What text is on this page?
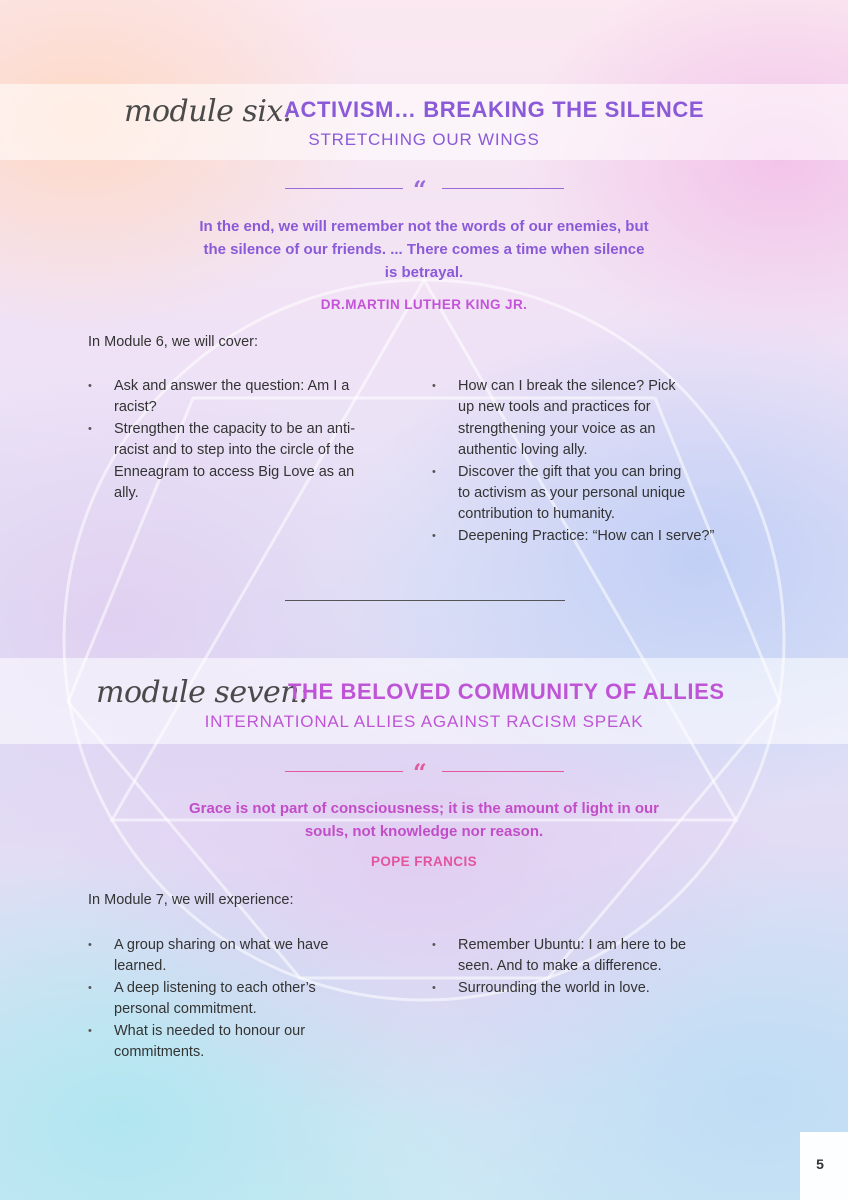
module six:
ACTIVISM… BREAKING THE SILENCE
STRETCHING OUR WINGS
“
In the end, we will remember not the words of our enemies, but
the silence of our friends. ... There comes a time when silence
is betrayal.
DR.MARTIN LUTHER KING JR.
In Module 6, we will cover:
• Ask and answer the question: Am I a
racist?
• Strengthen the capacity to be an anti-
racist and to step into the circle of the
Enneagram to access Big Love as an
ally.
• How can I break the silence? Pick
up new tools and practices for
strengthening your voice as an
authentic loving ally.
• Discover the gift that you can bring
to activism as your personal unique
contribution to humanity.
• Deepening Practice: “How can I serve?”
module seven:
THE BELOVED COMMUNITY OF ALLIES
INTERNATIONAL ALLIES AGAINST RACISM SPEAK
“
Grace is not part of consciousness; it is the amount of light in our
souls, not knowledge nor reason.
POPE FRANCIS
In Module 7, we will experience:
• A group sharing on what we have
learned.
• A deep listening to each other’s
personal commitment.
• What is needed to honour our
commitments.
• Remember Ubuntu: I am here to be
seen. And to make a difference.
• Surrounding the world in love.
5
